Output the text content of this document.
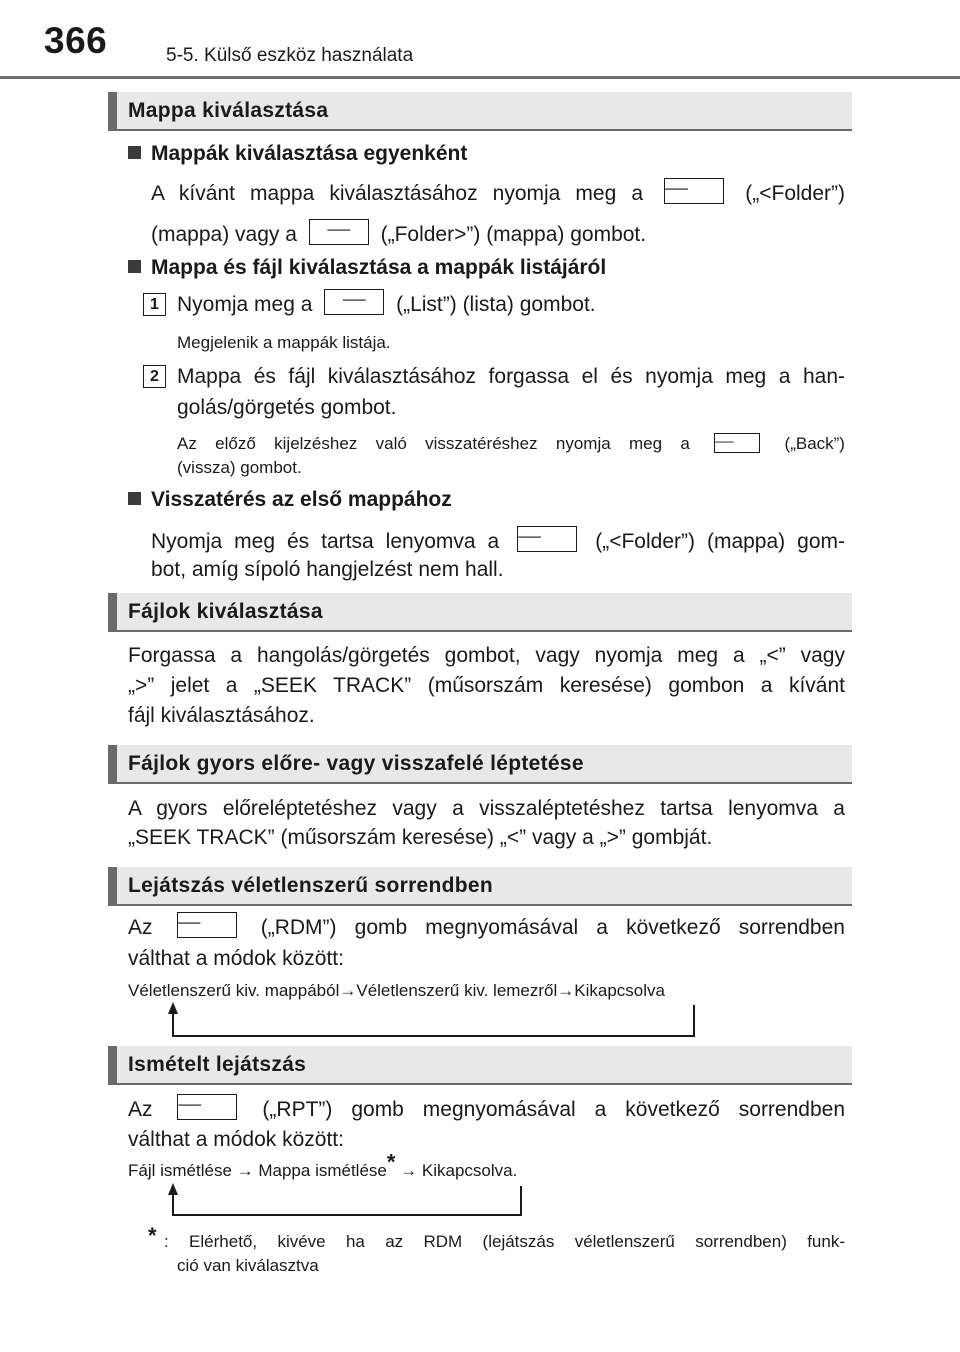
366	5-5. Külső eszköz használata
Mappa kiválasztása
Mappák kiválasztása egyenként
A kívánt mappa kiválasztásához nyomja meg a ──	(„<Folder”)
(mappa) vagy a ── („Folder>”) (mappa) gombot.
Mappa és fájl kiválasztása a mappák listájáról
1 Nyomja meg a ── („List”) (lista) gombot.
Megjelenik a mappák listája.
2 Mappa és fájl kiválasztásához forgassa el és nyomja meg a han-
golás/görgetés gombot.
Az előző kijelzéshez való visszatéréshez nyomja meg a ──	(„Back”)
(vissza) gombot.
Visszatérés az első mappához
Nyomja meg és tartsa lenyomva a ──	(„<Folder”) (mappa) gom-
bot, amíg sípoló hangjelzést nem hall.
Fájlok kiválasztása
Forgassa a hangolás/görgetés gombot, vagy nyomja meg a „<” vagy
„>” jelet a „SEEK TRACK” (műsorszám keresése) gombon a kívánt
fájl kiválasztásához.
Fájlok gyors előre- vagy visszafelé léptetése
A gyors előreléptetéshez vagy a visszaléptetéshez tartsa lenyomva a
„SEEK TRACK” (műsorszám keresése) „<” vagy a „>” gombját.
Lejátszás véletlenszerű sorrendben
Az ──	(„RDM”) gomb megnyomásával a következő sorrendben
válthat a módok között:
Véletlenszerű kiv. mappából→Véletlenszerű kiv. lemezről→Kikapcsolva
Ismételt lejátszás
Az ──	(„RPT”) gomb megnyomásával a következő sorrendben
válthat a módok között:
Fájl ismétlése → Mappa ismétlése* → Kikapcsolva.
* : Elérhető, kivéve ha az RDM (lejátszás véletlenszerű sorrendben) funk-
ció van kiválasztva
